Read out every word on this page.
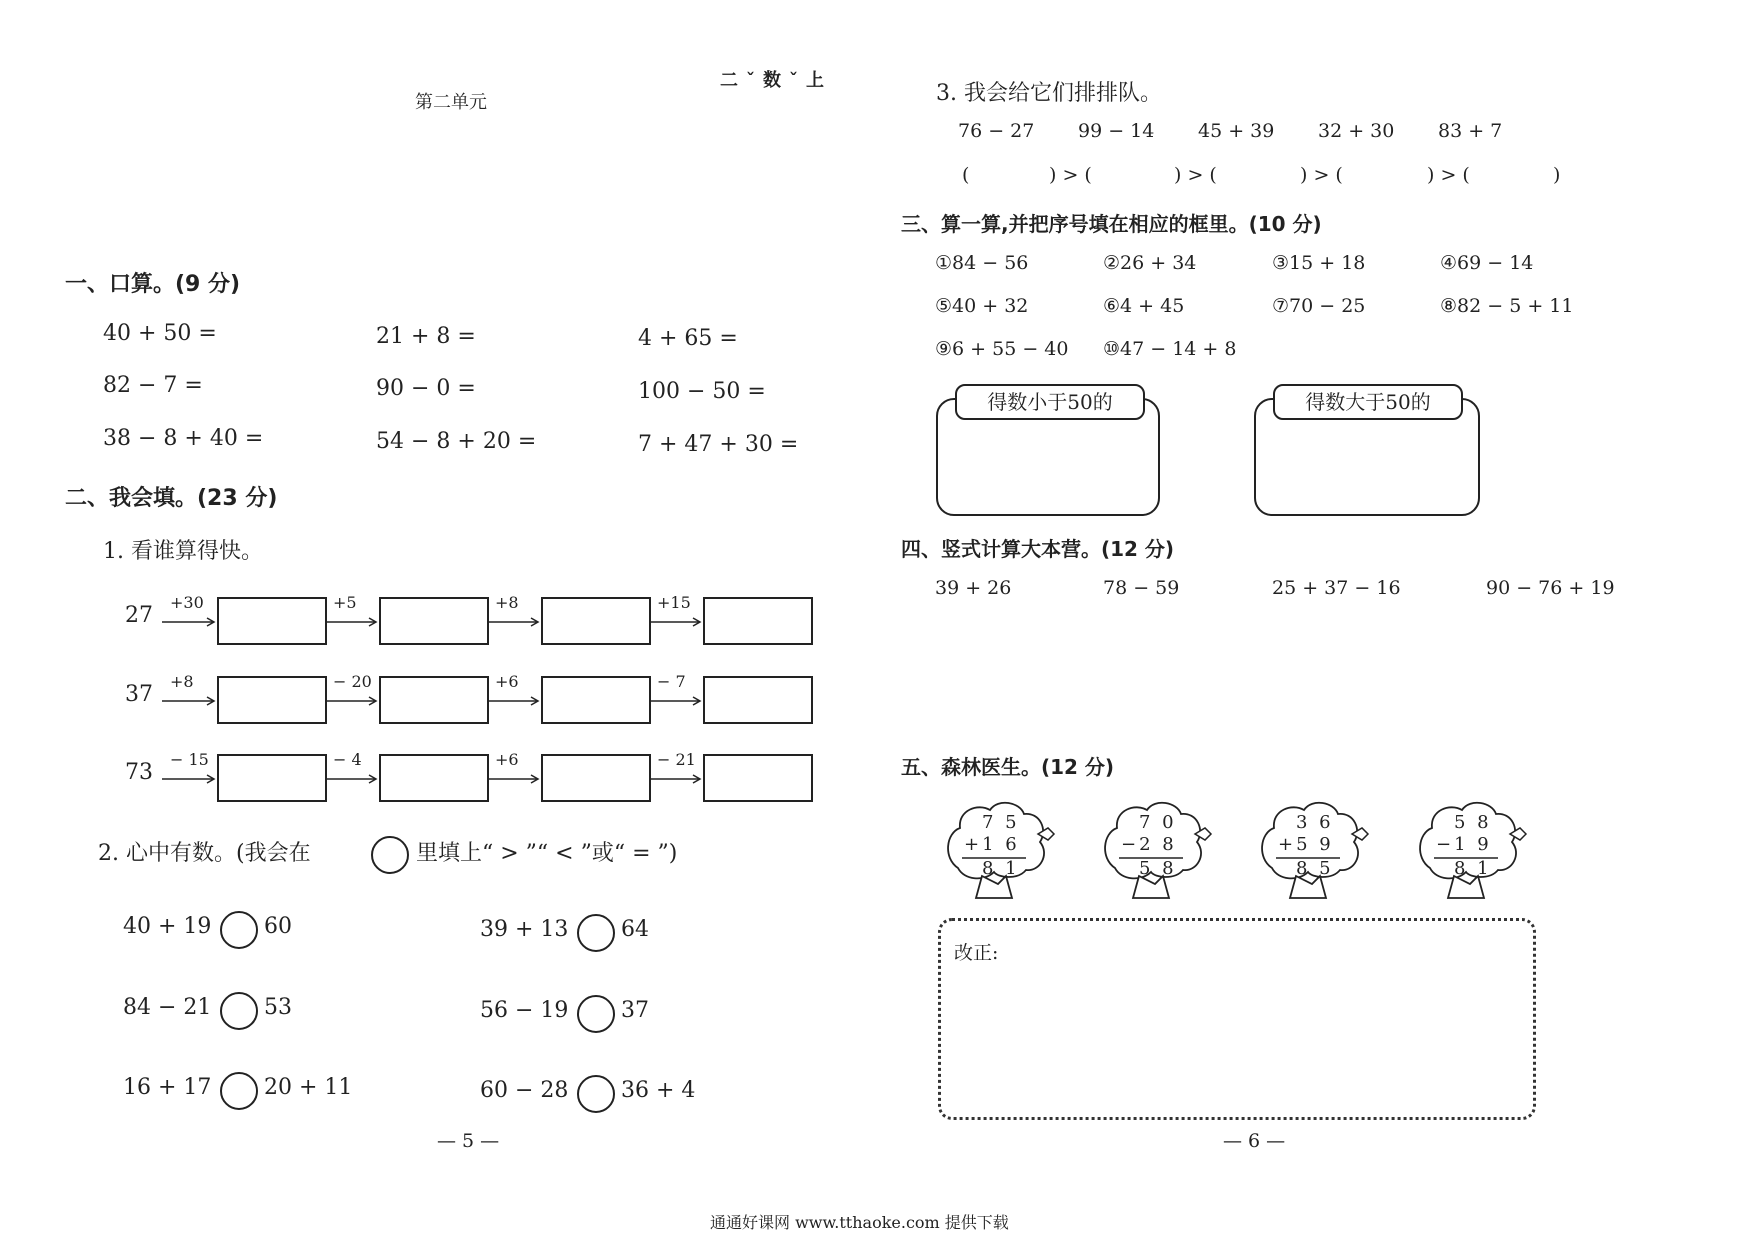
第二单元
二ˇ数ˇ上
一、口算。(9 分)
40 + 50 =	21 + 8 =	4 + 65 =
82 − 7 =	90 − 0 =	100 − 50 =
38 − 8 + 40 =	54 − 8 + 20 =	7 + 47 + 30 =
二、我会填。(23 分)
1. 看谁算得快。
27
+30	+5	+8	+15
37
+8	− 20	+6	− 7
73
− 15	− 4	+6	− 21
2. 心中有数。(我会在	里填上“ > ”“ < ”或“ = ”)
40 + 19 60	39 + 13 64
84 − 21 53	56 − 19 37
16 + 17 20 + 11	60 − 28 36 + 4
— 5 —
3. 我会给它们排排队。
76 − 27 99 − 14 45 + 39 32 + 30 83 + 7
(	) > (	) > (	) > (	) > (	)
三、算一算,并把序号填在相应的框里。(10 分)
①84 − 56	②26 + 34	③15 + 18	④69 − 14
⑤40 + 32	⑥4 + 45	⑦70 − 25	⑧82 − 5 + 11
⑨6 + 55 − 40 ⑩47 − 14 + 8
得数小于50的	得数大于50的
四、竖式计算大本营。(12 分)
39 + 26	78 − 59	25 + 37 − 16	90 − 76 + 19
五、森林医生。(12 分)
7 5
+1 6
8 1
7 0
−2 8
5 8
3 6
+5 9
8 5
5 8
−1 9
8 1
改正:
— 6 —
通通好课网 www.tthaoke.com 提供下载
